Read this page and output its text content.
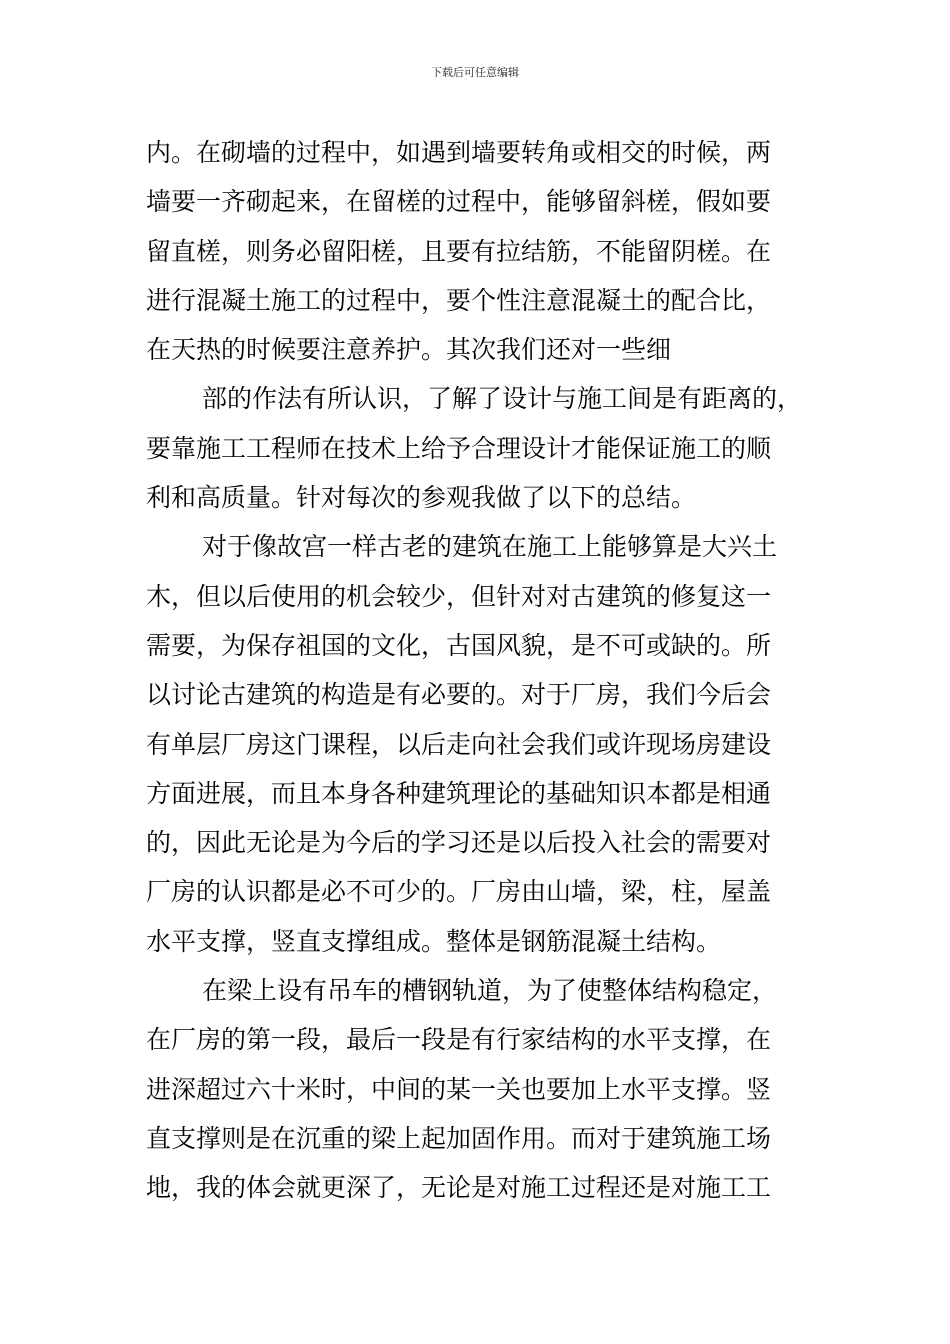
下载后可任意编辑
内。在砌墙的过程中，如遇到墙要转角或相交的时候，两
墙要一齐砌起来，在留槎的过程中，能够留斜槎，假如要
留直槎，则务必留阳槎，且要有拉结筋，不能留阴槎。在
进行混凝土施工的过程中，要个性注意混凝土的配合比，
在天热的时候要注意养护。其次我们还对一些细
部的作法有所认识，了解了设计与施工间是有距离的，
要靠施工工程师在技术上给予合理设计才能保证施工的顺
利和高质量。针对每次的参观我做了以下的总结。
对于像故宫一样古老的建筑在施工上能够算是大兴土
木，但以后使用的机会较少，但针对对古建筑的修复这一
需要，为保存祖国的文化，古国风貌，是不可或缺的。所
以讨论古建筑的构造是有必要的。对于厂房，我们今后会
有单层厂房这门课程，以后走向社会我们或许现场房建设
方面进展，而且本身各种建筑理论的基础知识本都是相通
的，因此无论是为今后的学习还是以后投入社会的需要对
厂房的认识都是必不可少的。厂房由山墙，梁，柱，屋盖
水平支撑，竖直支撑组成。整体是钢筋混凝土结构。
在梁上设有吊车的槽钢轨道，为了使整体结构稳定，
在厂房的第一段，最后一段是有行家结构的水平支撑，在
进深超过六十米时，中间的某一关也要加上水平支撑。竖
直支撑则是在沉重的梁上起加固作用。而对于建筑施工场
地，我的体会就更深了，无论是对施工过程还是对施工工
